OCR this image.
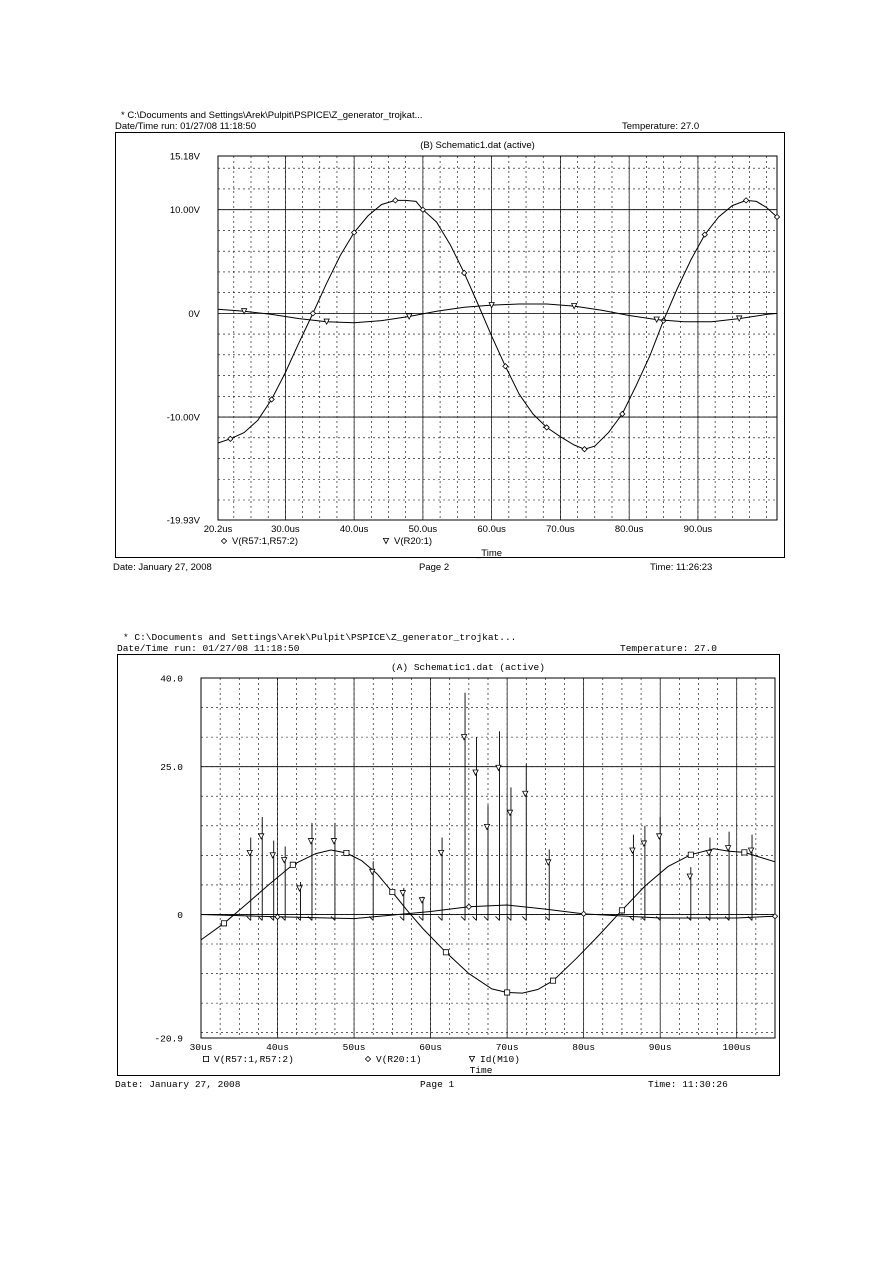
* C:\Documents and Settings\Arek\Pulpit\PSPICE\Z_generator_trojkat...
Date/Time run: 01/27/08 11:18:50	Temperature: 27.0
(B) Schematic1.dat (active)
15.18V
10.00V
0V
-10.00V
-19.93V
20.2us	30.0us	40.0us	50.0us	60.0us	70.0us	80.0us	90.0us
_Time
V(R57:1,R57:2)	V(R20:1)
Date: January 27, 2008	Page 2	Time: 11:26:23
* C:\Documents and Settings\Arek\Pulpit\PSPICE\Z_generator_trojkat...
Date/Time run: 01/27/08 11:18:50	Temperature: 27.0
(A) Schematic1.dat (active)
40.0
25.0
0
-20.9
30us	40us	50us	60us	70us	80us	90us	100us
Time
V(R57:1,R57:2)	V(R20:1)	Id(M10)
Date: January 27, 2008	Page 1	Time: 11:30:26
